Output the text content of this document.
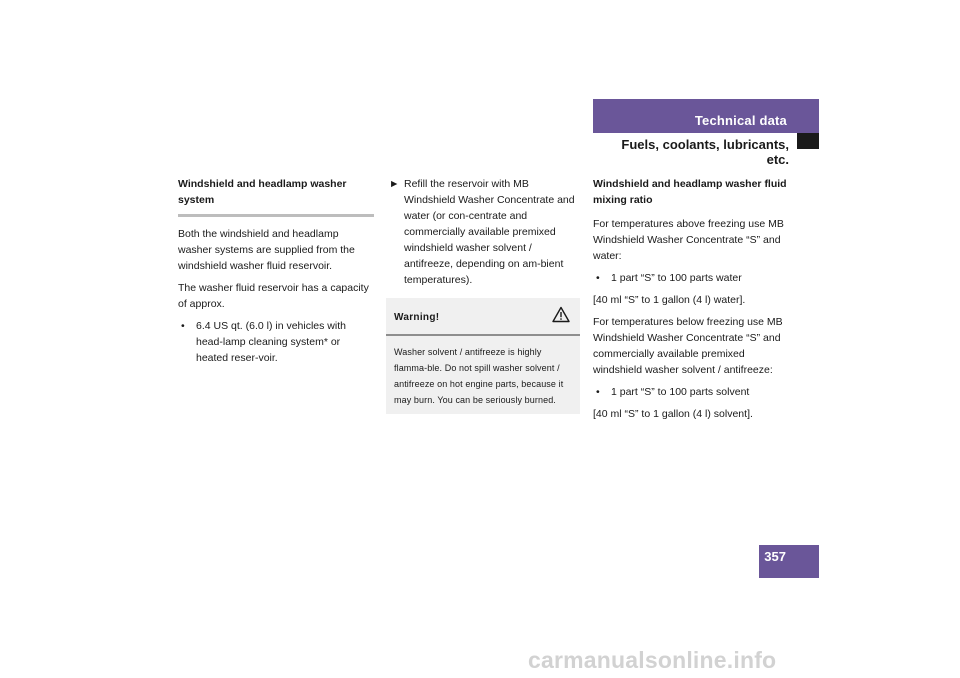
Technical data
Fuels, coolants, lubricants, etc.

Windshield and headlamp washer system

Both the windshield and headlamp washer systems are supplied from the windshield washer fluid reservoir.

The washer fluid reservoir has a capacity of approx.

• 6.4 US qt. (6.0 l) in vehicles with head-lamp cleaning system* or heated reser-voir.
► Refill the reservoir with MB Windshield Washer Concentrate and water (or con-centrate and commercially available premixed windshield washer solvent / antifreeze, depending on am-bient temperatures).
Warning!
Washer solvent / antifreeze is highly flamma-ble. Do not spill washer solvent / antifreeze on hot engine parts, because it may burn. You can be seriously burned.

Windshield and headlamp washer fluid mixing ratio

For temperatures above freezing use MB Windshield Washer Concentrate “S” and water:

• 1 part “S” to 100 parts water

[40 ml “S” to 1 gallon (4 l) water].

For temperatures below freezing use MB Windshield Washer Concentrate “S” and commercially available premixed windshield washer solvent / antifreeze:

• 1 part “S” to 100 parts solvent

[40 ml “S” to 1 gallon (4 l) solvent].

357
carmanualsonline.info
